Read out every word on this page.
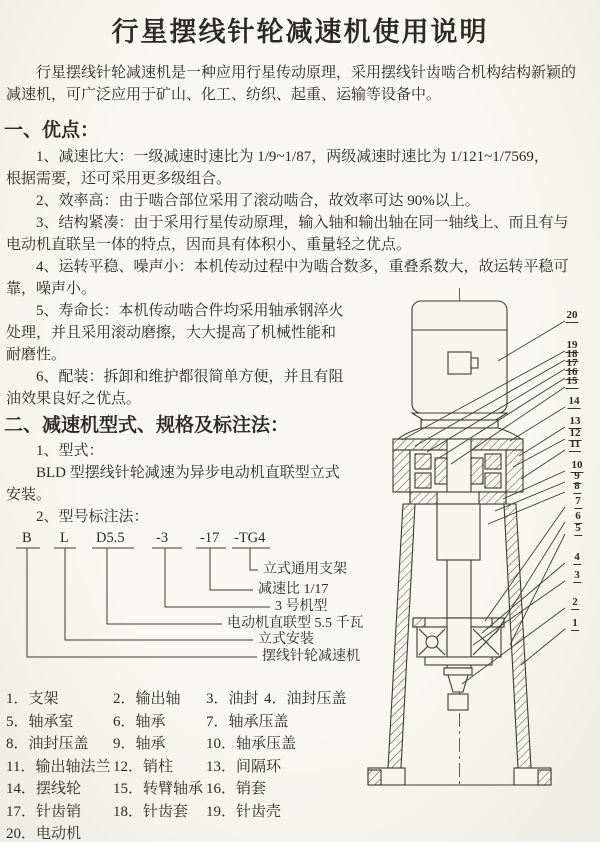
行星摆线针轮减速机使用说明
行星摆线针轮减速机是一种应用行星传动原理，采用摆线针齿啮合机构结构新颖的
减速机，可广泛应用于矿山、化工、纺织、起重、运输等设备中。
一、优点：
1、减速比大：一级减速时速比为 1/9~1/87，两级减速时速比为 1/121~1/7569，
根据需要，还可采用更多级组合。
2、效率高：由于啮合部位采用了滚动啮合，故效率可达 90%以上。
3、结构紧凑：由于采用行星传动原理，输入轴和输出轴在同一轴线上、而且有与
电动机直联呈一体的特点，因而具有体积小、重量轻之优点。
4、运转平稳、噪声小：本机传动过程中为啮合数多，重叠系数大，故运转平稳可
靠，噪声小。
5、寿命长：本机传动啮合件均采用轴承钢淬火
处理，并且采用滚动磨擦，大大提高了机械性能和
耐磨性。
6、配装：拆卸和维护都很简单方便，并且有阻
油效果良好之优点。
二、减速机型式、规格及标注法：
1、型式：
BLD 型摆线针轮减速为异步电动机直联型立式
安装。
2、型号标注法：
B L D5.5 -3 -17 -TG4
立式通用支架
减速比 1/17
3 号机型
电动机直联型 5.5 千瓦
立式安装
摆线针轮减速机
1．支架	2．输出轴 3．油封 4．油封压盖
5．轴承室	6．轴承	7．轴承压盖
8．油封压盖 9．轴承	10．轴承压盖
11．输出轴法兰 12．销柱 13．间隔环
14．摆线轮 15．转臂轴承 16．销套
17．针齿销 18．针齿套 19．针齿壳
20．电动机
20
19
18
17
16
15
14
13
12
11
10
9
8
7
6
5
4
3
2
1
